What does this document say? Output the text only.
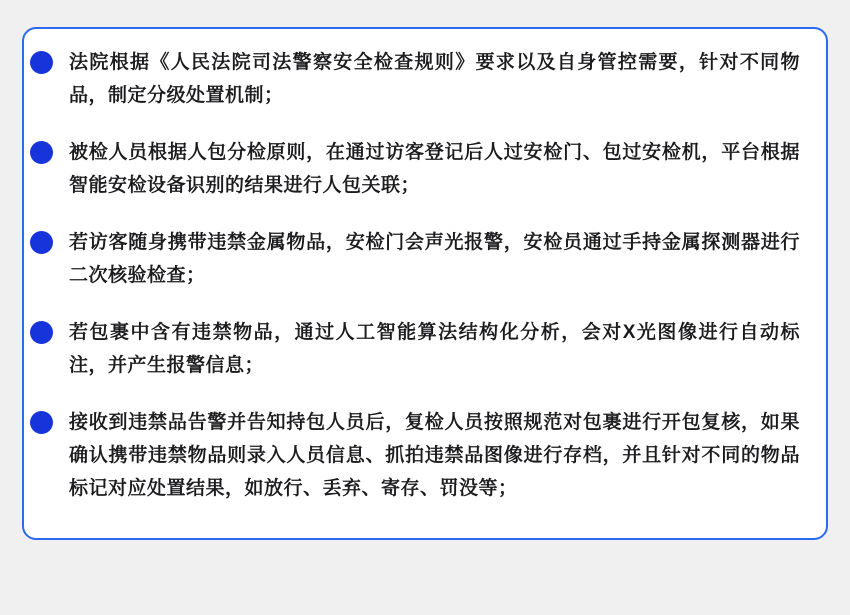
法院根据《人民法院司法警察安全检查规则》要求以及自身管控需要，针对不同物品，制定分级处置机制；

被检人员根据人包分检原则，在通过访客登记后人过安检门、包过安检机，平台根据智能安检设备识别的结果进行人包关联；

若访客随身携带违禁金属物品，安检门会声光报警，安检员通过手持金属探测器进行二次核验检查；

若包裹中含有违禁物品，通过人工智能算法结构化分析，会对X光图像进行自动标注，并产生报警信息；

接收到违禁品告警并告知持包人员后，复检人员按照规范对包裹进行开包复核，如果确认携带违禁物品则录入人员信息、抓拍违禁品图像进行存档，并且针对不同的物品标记对应处置结果，如放行、丢弃、寄存、罚没等；
